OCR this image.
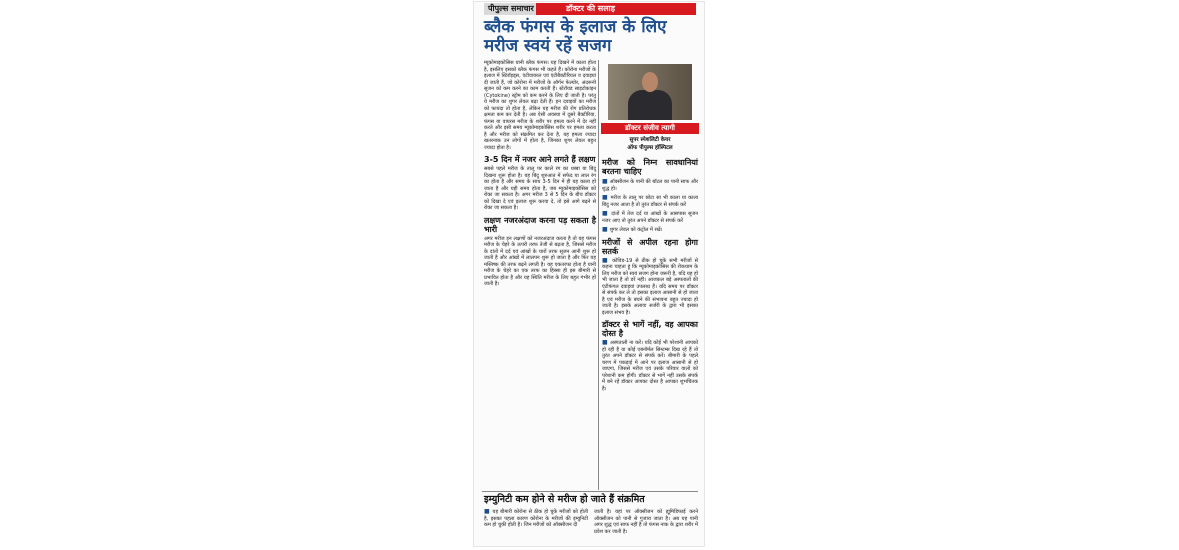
पीपुल्स समाचार	डॉक्टर की सलाह
ब्लैक फंगस के इलाज के लिए मरीज स्वयं रहें सजग

म्यूकोमाइकोसिस यानी ब्लैक फंगस। यह दिखने में काला होता है, इसलिए इसको ब्लैक फंगस भी कहते हैं। कोरोना मरीजों के इलाज में स्टिरॉइड्स, एंटीवायरल एवं एंटीबैक्टीरियल व दवाइयां दी जाती हैं, जो कोरोना में मरीजों के ऑर्गन फेल्योर, अंदरूनी सूजन को कम करने का काम करती हैं। स्टेरॉयड साइटोकाइन (Cytokine) स्ट्रोम को कम करने के लिए दी जाती है। परंतु ये मरीज का शुगर लेवल बढ़ा देती हैं। इन दवाइयों का मरीज को फायदा तो होता है, लेकिन यह मरीज की रोग प्रतिरोधक क्षमता कम कर देती है। अब ऐसी अवस्था में दूसरे बैक्टीरिया, फंगस या वायरस मरीज के शरीर पर हमला करने में देर नहीं करते और इसी समय म्यूकोमाइकोसिस शरीर पर हमला करता है और मरीज को संक्रमित कर देता है, यह हमला ज्यादा खतरनाक उन लोगों में होता है, जिनका शुगर लेवल बहुत ज्यादा होता है।

3-5 दिन में नजर आने लगते हैं लक्षण

सबसे पहले मरीज के तालू पर काले रंग का धब्बा या बिंदु दिखना शुरू होता है। यह बिंदु शुरुआत में सफेद या लाल रंग का होता है और समय के साथ 3-5 दिन में ही यह काला हो जाता है और यही समय होता है, जब म्यूकोमाइकोसिस को रोका जा सकता है। अगर मरीज 3 से 5 दिन के बीच डॉक्टर को दिखा दे एवं इलाज शुरू करवा दे, तो इसे आगे बढ़ने से रोका जा सकता है।

लक्षण नजरअंदाज करना पड़ सकता है भारी

अगर मरीज इन लक्षणों को नजरअंदाज करता है तो यह फंगस मरीज के चेहरे के ऊपरी तरफ तेजी से बढ़ता है, जिससे मरीज के दांतों में दर्द एवं आंखों के चारों तरफ सूजन आनी शुरू हो जाती है और आंखों में लालपन शुरू हो जाता है और फिर यह मस्तिष्क की तरफ बढ़ने लगती है। यह एकतरफा होता है यानी मरीज के चेहरे का एक तरफ का हिस्सा ही इस बीमारी से प्रभावित होता है और यह स्थिति मरीज के लिए बहुत गंभीर हो जाती है।

डॉक्टर संजीव त्यागी
सुपर स्पेशलिटी केयर
ऑफ पीपुल्स हॉस्पिटल
मरीज को निम्न सावधानियां बरतना चाहिए

■ ऑक्सीजन के पानी की बॉटल का पानी साफ और शुद्ध हो।

■ मरीज के तालू पर छोटा सा भी काला या काला बिंदु नजर आता है तो तुरंत डॉक्टर से संपर्क करें

■ दांतों में तेज दर्द या आंखों के आसपास सूजन नजर आए तो तुरंत अपने डॉक्टर से संपर्क करें

■ शुगर लेवल को कंट्रोल में रखें।

मरीजों से अपील रहना होगा सतर्क

■ कोविड-19 से ठीक हो चुके सभी मरीजों से कहना चाहता हूं कि म्यूकोमाइकोसिस की रोकथाम के लिए मरीज को स्वयं सजग होना जरूरी है, यदि यह हो भी जाता है तो डरें नहीं। आजकल बड़े अस्पतालों की एंटीफंगल दवाइयां उपलब्ध हैं। यदि समय पर डॉक्टर से संपर्क कर ले तो इसका इलाज आसानी से हो जाता है एवं मरीज के बचने की संभावना बहुत ज्यादा हो जाती है। इसके अलावा सर्जरी के द्वारा भी इसका इलाज संभव है।

डॉक्टर से भागें नहीं, वह आपका दोस्त है

■ अस्पताली ना करें। यदि कोई भी परेशानी आपको हो रही है या कोई एबनॉर्मल सिम्टम्स दिख रहे हैं तो तुरंत अपने डॉक्टर से संपर्क करें। बीमारी के पहले चरण में पकड़ाई में आने पर इलाज आसानी से हो जाएगा, जिससे मरीज एवं उसके परिवार वालों को परेशानी कम होगी। डॉक्टर से भागें नहीं उसके संपर्क में बने रहें डॉक्टर आपका दोस्त है आपका शुभचिंतक है।

इम्युनिटी कम होने से मरीज हो जाते हैं संक्रमित

■ यह बीमारी कोरोना से ठीक हो चुके मरीजों को होती है, इसका पहला कारण कोरोना के मरीजों की इम्युनिटी कम हो चुकी होती है। जिन मरीजों को ऑक्सीजन दी

जाती है। यहां पर ऑक्सीजन को ह्यूमिडिफाई करने ऑक्सीजन को पानी से गुजारा जाता है। अब यह पानी अगर शुद्ध एवं साफ नहीं है तो फंगस नाक के द्वारा शरीर में प्रवेश कर जाती है।
